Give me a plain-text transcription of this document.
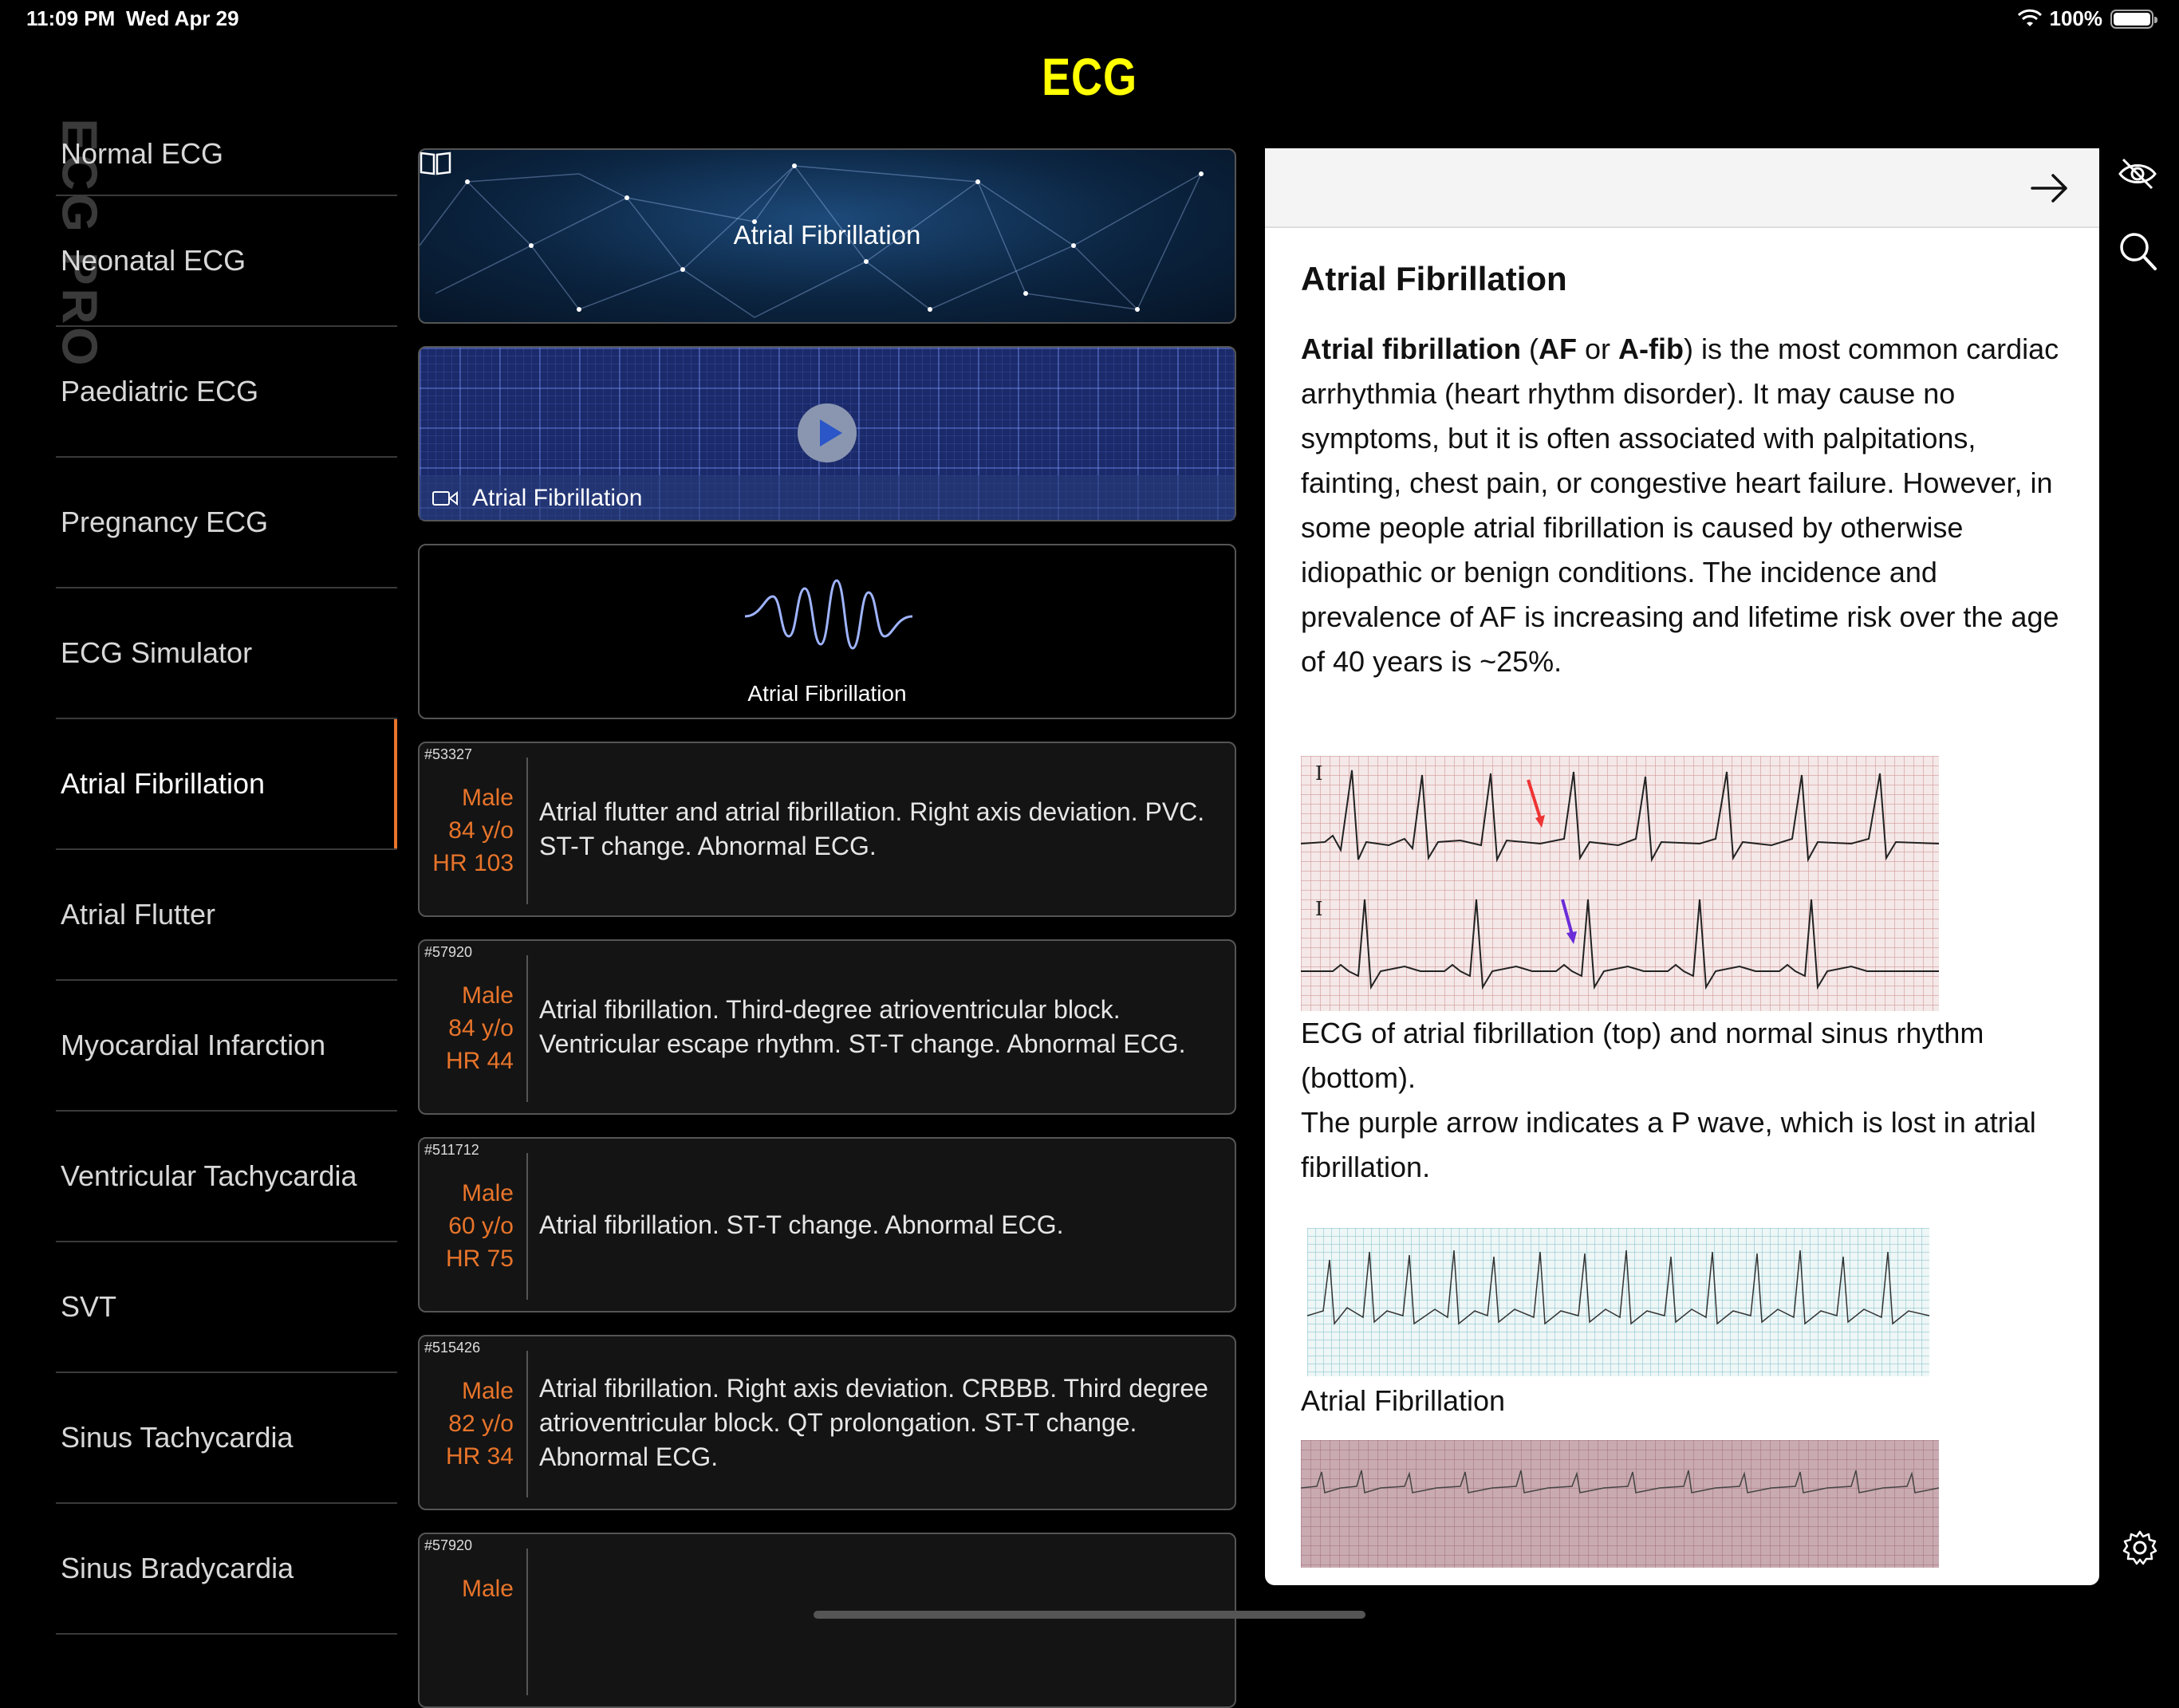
11:09 PM Wed Apr 29	100%
ECG
ECG PRO
Normal ECG
Neonatal ECG
Paediatric ECG
Pregnancy ECG
ECG Simulator
Atrial Fibrillation
Atrial Flutter
Myocardial Infarction
Ventricular Tachycardia
SVT
Sinus Tachycardia
Sinus Bradycardia
Atrial Fibrillation
Atrial Fibrillation
Atrial Fibrillation
#53327
Male
84 y/o
HR 103
Atrial flutter and atrial fibrillation. Right axis deviation. PVC. ST-T change. Abnormal ECG.
#57920
Male
84 y/o
HR 44
Atrial fibrillation. Third-degree atrioventricular block. Ventricular escape rhythm. ST-T change. Abnormal ECG.
#511712
Male
60 y/o
HR 75
Atrial fibrillation. ST-T change. Abnormal ECG.
#515426
Male
82 y/o
HR 34
Atrial fibrillation. Right axis deviation. CRBBB. Third degree atrioventricular block. QT prolongation. ST-T change. Abnormal ECG.
#57920
Male
Atrial Fibrillation

Atrial fibrillation (AF or A-fib) is the most common cardiac arrhythmia (heart rhythm disorder). It may cause no symptoms, but it is often associated with palpitations, fainting, chest pain, or congestive heart failure. However, in some people atrial fibrillation is caused by otherwise idiopathic or benign conditions. The incidence and prevalence of AF is increasing and lifetime risk over the age of 40 years is ~25%.

I
I

ECG of atrial fibrillation (top) and normal sinus rhythm (bottom).

The purple arrow indicates a P wave, which is lost in atrial fibrillation.

Atrial Fibrillation
